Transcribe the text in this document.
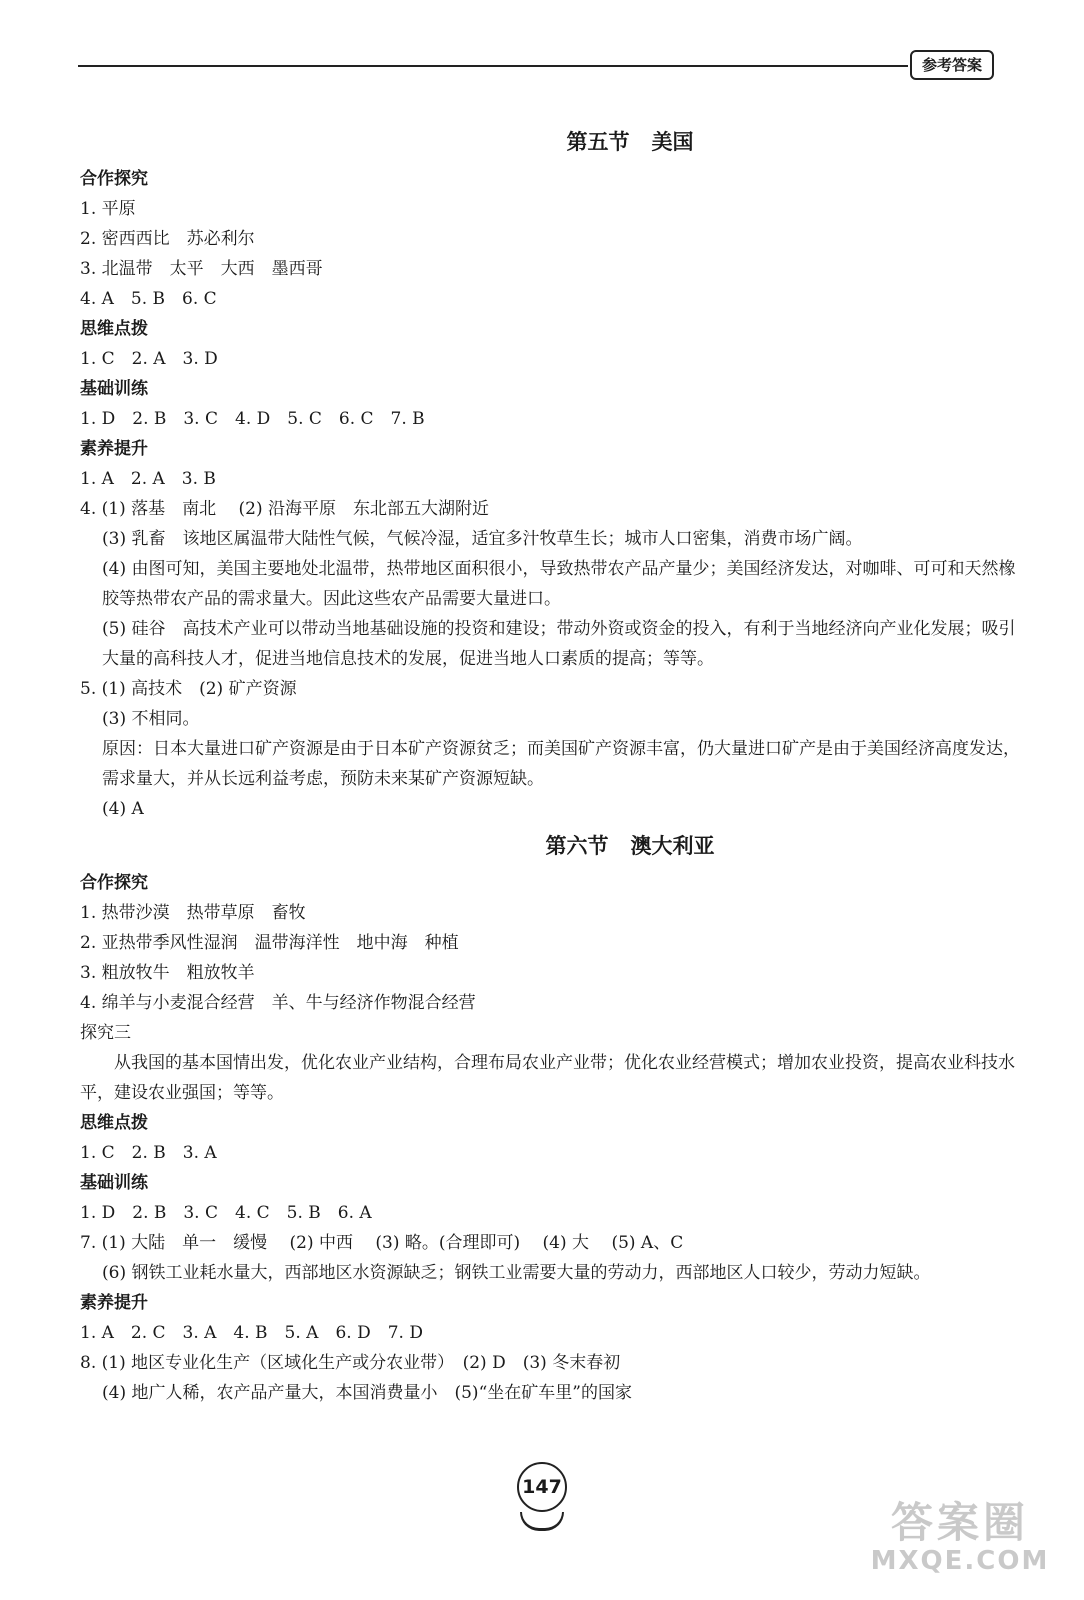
参考答案
第五节 美国
合作探究
1. 平原
2. 密西西比　苏必利尔
3. 北温带　太平　大西　墨西哥
4. A　5. B　6. C
思维点拨
1. C　2. A　3. D
基础训练
1. D　2. B　3. C　4. D　5. C　6. C　7. B
素养提升
1. A　2. A　3. B
4. (1) 落基　南北　 (2) 沿海平原　东北部五大湖附近
(3) 乳畜　该地区属温带大陆性气候，气候冷湿，适宜多汁牧草生长；城市人口密集，消费市场广阔。
(4) 由图可知，美国主要地处北温带，热带地区面积很小，导致热带农产品产量少；美国经济发达，对咖啡、可可和天然橡胶等热带农产品的需求量大。因此这些农产品需要大量进口。
(5) 硅谷　高技术产业可以带动当地基础设施的投资和建设；带动外资或资金的投入，有利于当地经济向产业化发展；吸引大量的高科技人才，促进当地信息技术的发展，促进当地人口素质的提高；等等。
5. (1) 高技术　(2) 矿产资源
(3) 不相同。
原因：日本大量进口矿产资源是由于日本矿产资源贫乏；而美国矿产资源丰富，仍大量进口矿产是由于美国经济高度发达，需求量大，并从长远利益考虑，预防未来某矿产资源短缺。
(4) A
第六节 澳大利亚
合作探究
1. 热带沙漠　热带草原　畜牧
2. 亚热带季风性湿润　温带海洋性　地中海　种植
3. 粗放牧牛　粗放牧羊
4. 绵羊与小麦混合经营　羊、牛与经济作物混合经营
探究三
从我国的基本国情出发，优化农业产业结构，合理布局农业产业带；优化农业经营模式；增加农业投资，提高农业科技水平，建设农业强国；等等。
思维点拨
1. C　2. B　3. A
基础训练
1. D　2. B　3. C　4. C　5. B　6. A
7. (1) 大陆　单一　缓慢　 (2) 中西　 (3) 略。(合理即可)　 (4) 大　 (5) A、C
(6) 钢铁工业耗水量大，西部地区水资源缺乏；钢铁工业需要大量的劳动力，西部地区人口较少，劳动力短缺。
素养提升
1. A　2. C　3. A　4. B　5. A　6. D　7. D
8. (1) 地区专业化生产（区域化生产或分农业带）　(2) D　(3) 冬末春初
(4) 地广人稀，农产品产量大，本国消费量小　(5)“坐在矿车里”的国家
147
答案圈
MXQE.COM
